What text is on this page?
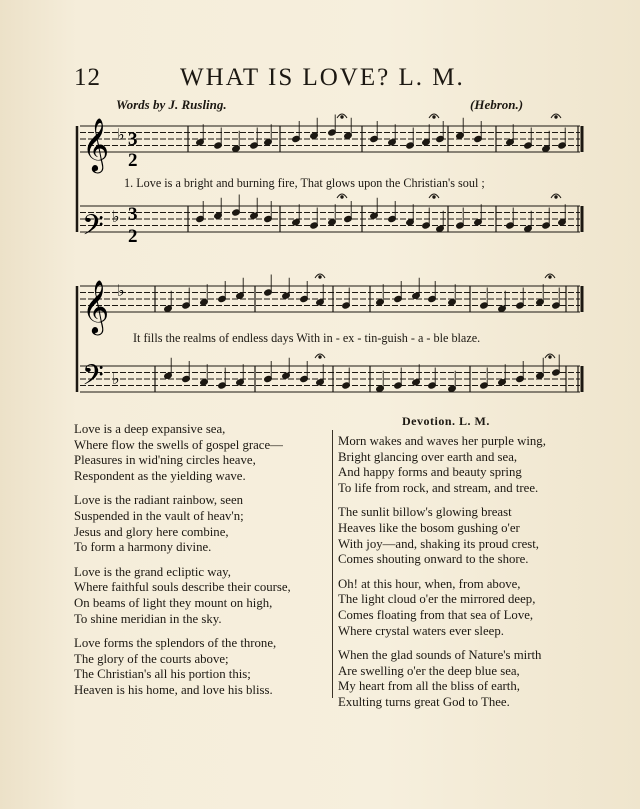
12	WHAT IS LOVE? L. M.
Words by J. Rusling.	(Hebron.)
𝄞
𝄢
𝄞
𝄢
♭
♭
♭
♭
3
2
3
2
1. Love is a bright and burning fire, That glows upon the Christian's soul ;
It fills the realms of endless days With in - ex - tin-guish - a - ble blaze.

Love is a deep expansive sea,

Where flow the swells of gospel grace—

Pleasures in wid'ning circles heave,

Respondent as the yielding wave.

Love is the radiant rainbow, seen

Suspended in the vault of heav'n;

Jesus and glory here combine,

To form a harmony divine.

Love is the grand ecliptic way,

Where faithful souls describe their course,

On beams of light they mount on high,

To shine meridian in the sky.

Love forms the splendors of the throne,

The glory of the courts above;

The Christian's all his portion this;

Heaven is his home, and love his bliss.

Devotion. L. M.

Morn wakes and waves her purple wing,

Bright glancing over earth and sea,

And happy forms and beauty spring

To life from rock, and stream, and tree.

The sunlit billow's glowing breast

Heaves like the bosom gushing o'er

With joy—and, shaking its proud crest,

Comes shouting onward to the shore.

Oh! at this hour, when, from above,

The light cloud o'er the mirrored deep,

Comes floating from that sea of Love,

Where crystal waters ever sleep.

When the glad sounds of Nature's mirth

Are swelling o'er the deep blue sea,

My heart from all the bliss of earth,

Exulting turns great God to Thee.
